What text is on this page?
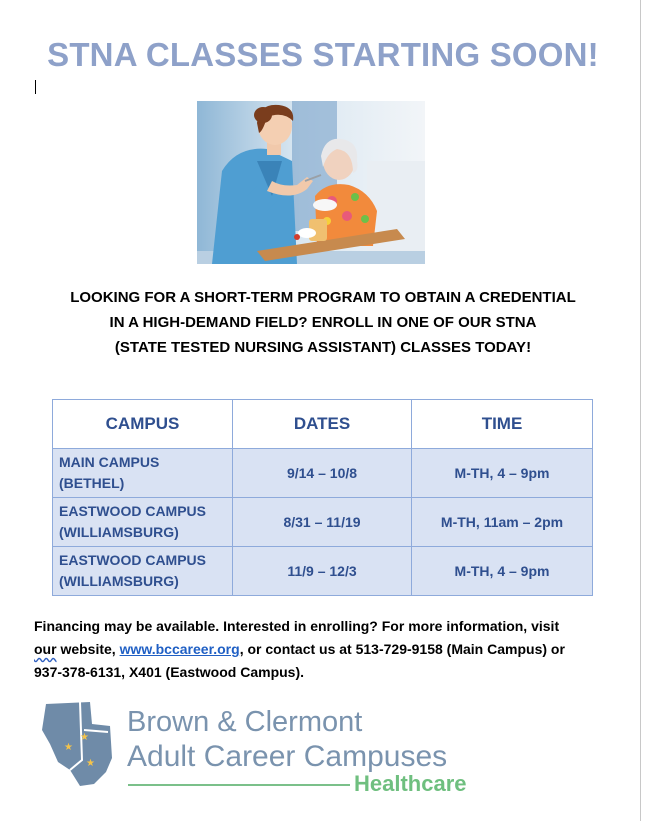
STNA CLASSES STARTING SOON!
LOOKING FOR A SHORT-TERM PROGRAM TO OBTAIN A CREDENTIAL
IN A HIGH-DEMAND FIELD? ENROLL IN ONE OF OUR STNA
(STATE TESTED NURSING ASSISTANT) CLASSES TODAY!
CAMPUS	DATES	TIME

MAIN CAMPUS
(BETHEL)	9/14 – 10/8	M-TH, 4 – 9pm

EASTWOOD CAMPUS
(WILLIAMSBURG)	8/31 – 11/19	M-TH, 11am – 2pm

EASTWOOD CAMPUS
(WILLIAMSBURG)	11/9 – 12/3	M-TH, 4 – 9pm
Financing may be available. Interested in enrolling? For more information, visit
our website, www.bccareer.org, or contact us at 513-729-9158 (Main Campus) or
937-378-6131, X401 (Eastwood Campus).
★
★
★
Brown & Clermont
Adult Career Campuses
Healthcare
